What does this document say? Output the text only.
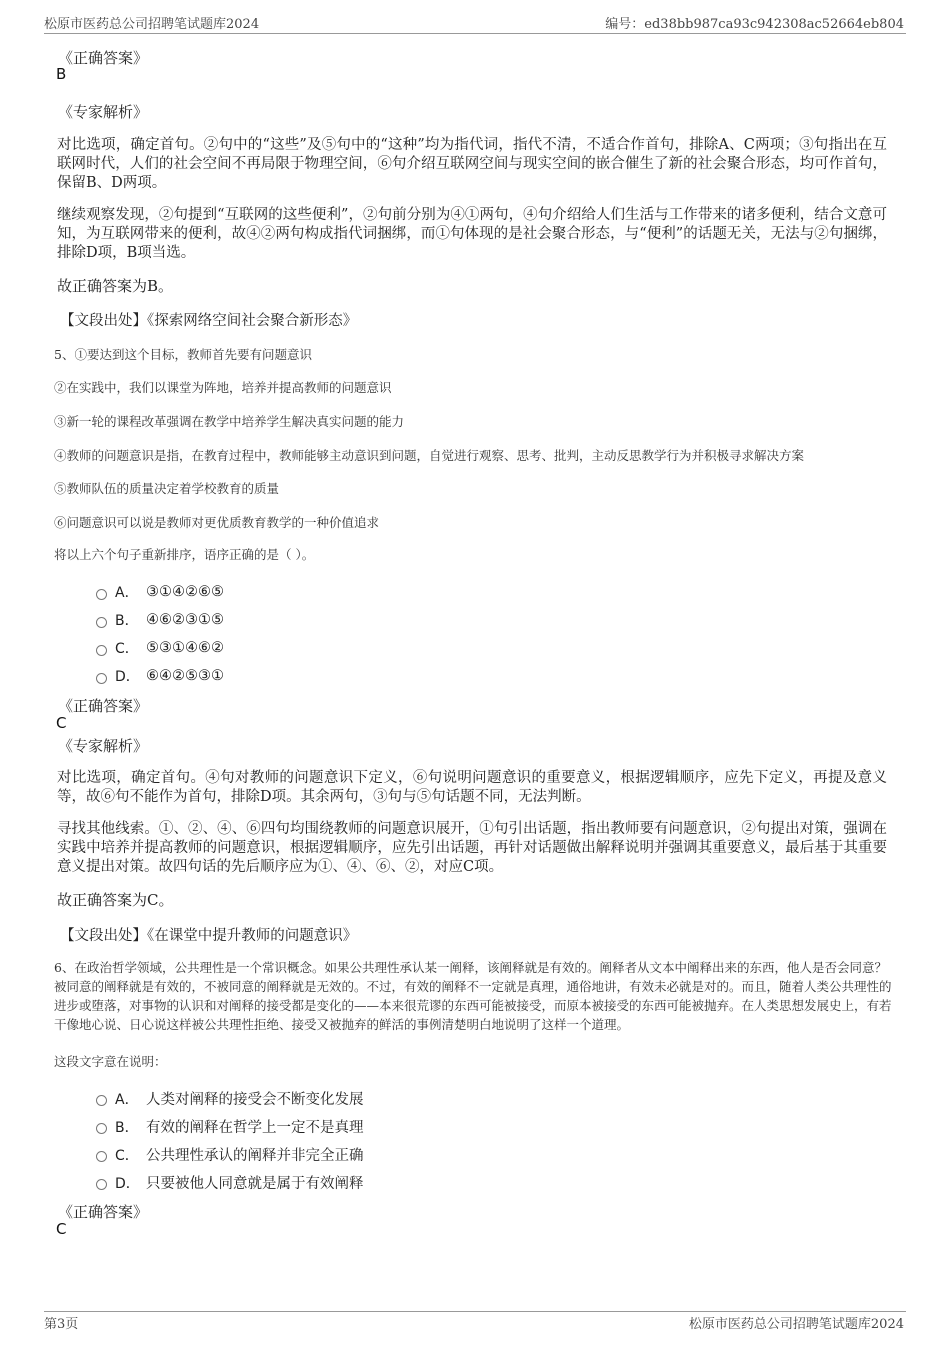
松原市医药总公司招聘笔试题库2024	编号：ed38bb987ca93c942308ac52664eb804
《正确答案》
B
《专家解析》
对比选项，确定首句。②句中的“这些”及⑤句中的“这种”均为指代词，指代不清，不适合作首句，排除A、C两项；③句指出在互联网时代，人们的社会空间不再局限于物理空间，⑥句介绍互联网空间与现实空间的嵌合催生了新的社会聚合形态，均可作首句，保留B、D两项。
继续观察发现，②句提到“互联网的这些便利”，②句前分别为④①两句，④句介绍给人们生活与工作带来的诸多便利，结合文意可知，为互联网带来的便利，故④②两句构成指代词捆绑，而①句体现的是社会聚合形态，与“便利”的话题无关，无法与②句捆绑，排除D项，B项当选。
故正确答案为B。
【文段出处】《探索网络空间社会聚合新形态》
5、①要达到这个目标，教师首先要有问题意识
②在实践中，我们以课堂为阵地，培养并提高教师的问题意识
③新一轮的课程改革强调在教学中培养学生解决真实问题的能力
④教师的问题意识是指，在教育过程中，教师能够主动意识到问题，自觉进行观察、思考、批判，主动反思教学行为并积极寻求解决方案
⑤教师队伍的质量决定着学校教育的质量
⑥问题意识可以说是教师对更优质教育教学的一种价值追求
将以上六个句子重新排序，语序正确的是（ ）。
A． ③①④②⑥⑤
B． ④⑥②③①⑤
C． ⑤③①④⑥②
D． ⑥④②⑤③①
《正确答案》
C
《专家解析》
对比选项，确定首句。④句对教师的问题意识下定义，⑥句说明问题意识的重要意义，根据逻辑顺序，应先下定义，再提及意义等，故⑥句不能作为首句，排除D项。其余两句，③句与⑤句话题不同，无法判断。
寻找其他线索。①、②、④、⑥四句均围绕教师的问题意识展开，①句引出话题，指出教师要有问题意识，②句提出对策，强调在实践中培养并提高教师的问题意识，根据逻辑顺序，应先引出话题，再针对话题做出解释说明并强调其重要意义，最后基于其重要意义提出对策。故四句话的先后顺序应为①、④、⑥、②，对应C项。
故正确答案为C。
【文段出处】《在课堂中提升教师的问题意识》
6、在政治哲学领域，公共理性是一个常识概念。如果公共理性承认某一阐释，该阐释就是有效的。阐释者从文本中阐释出来的东西，他人是否会同意？被同意的阐释就是有效的，不被同意的阐释就是无效的。不过，有效的阐释不一定就是真理，通俗地讲，有效未必就是对的。而且，随着人类公共理性的进步或堕落，对事物的认识和对阐释的接受都是变化的——本来很荒谬的东西可能被接受，而原本被接受的东西可能被抛弃。在人类思想发展史上，有若干像地心说、日心说这样被公共理性拒绝、接受又被抛弃的鲜活的事例清楚明白地说明了这样一个道理。
这段文字意在说明：
A． 人类对阐释的接受会不断变化发展
B． 有效的阐释在哲学上一定不是真理
C． 公共理性承认的阐释并非完全正确
D． 只要被他人同意就是属于有效阐释
《正确答案》
C
第3页	松原市医药总公司招聘笔试题库2024
